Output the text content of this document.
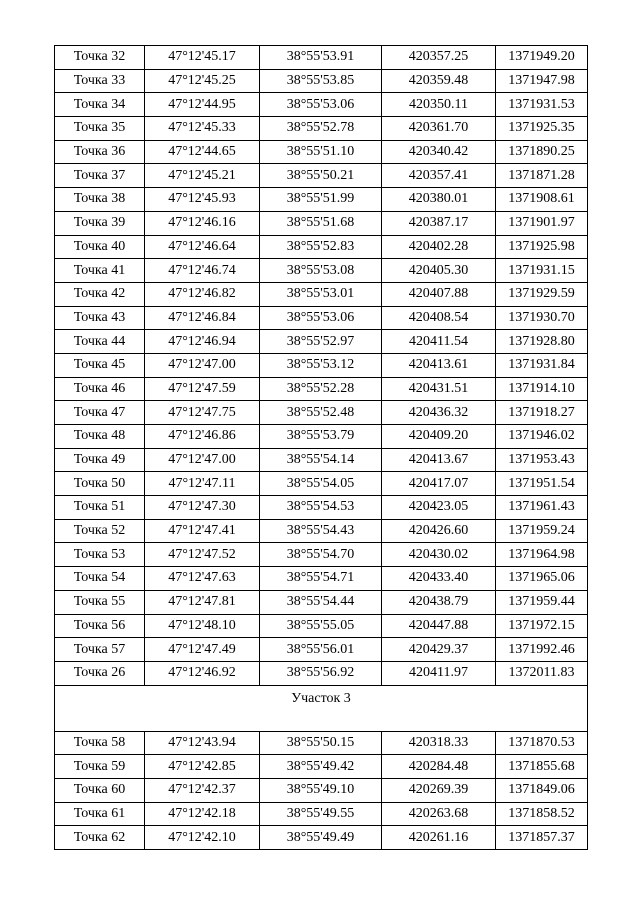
Точка 32	47°12'45.17	38°55'53.91	420357.25	1371949.20
Точка 33	47°12'45.25	38°55'53.85	420359.48	1371947.98
Точка 34	47°12'44.95	38°55'53.06	420350.11	1371931.53
Точка 35	47°12'45.33	38°55'52.78	420361.70	1371925.35
Точка 36	47°12'44.65	38°55'51.10	420340.42	1371890.25
Точка 37	47°12'45.21	38°55'50.21	420357.41	1371871.28
Точка 38	47°12'45.93	38°55'51.99	420380.01	1371908.61
Точка 39	47°12'46.16	38°55'51.68	420387.17	1371901.97
Точка 40	47°12'46.64	38°55'52.83	420402.28	1371925.98
Точка 41	47°12'46.74	38°55'53.08	420405.30	1371931.15
Точка 42	47°12'46.82	38°55'53.01	420407.88	1371929.59
Точка 43	47°12'46.84	38°55'53.06	420408.54	1371930.70
Точка 44	47°12'46.94	38°55'52.97	420411.54	1371928.80
Точка 45	47°12'47.00	38°55'53.12	420413.61	1371931.84
Точка 46	47°12'47.59	38°55'52.28	420431.51	1371914.10
Точка 47	47°12'47.75	38°55'52.48	420436.32	1371918.27
Точка 48	47°12'46.86	38°55'53.79	420409.20	1371946.02
Точка 49	47°12'47.00	38°55'54.14	420413.67	1371953.43
Точка 50	47°12'47.11	38°55'54.05	420417.07	1371951.54
Точка 51	47°12'47.30	38°55'54.53	420423.05	1371961.43
Точка 52	47°12'47.41	38°55'54.43	420426.60	1371959.24
Точка 53	47°12'47.52	38°55'54.70	420430.02	1371964.98
Точка 54	47°12'47.63	38°55'54.71	420433.40	1371965.06
Точка 55	47°12'47.81	38°55'54.44	420438.79	1371959.44
Точка 56	47°12'48.10	38°55'55.05	420447.88	1371972.15
Точка 57	47°12'47.49	38°55'56.01	420429.37	1371992.46
Точка 26	47°12'46.92	38°55'56.92	420411.97	1372011.83
Участок 3				
Точка 58	47°12'43.94	38°55'50.15	420318.33	1371870.53
Точка 59	47°12'42.85	38°55'49.42	420284.48	1371855.68
Точка 60	47°12'42.37	38°55'49.10	420269.39	1371849.06
Точка 61	47°12'42.18	38°55'49.55	420263.68	1371858.52
Точка 62	47°12'42.10	38°55'49.49	420261.16	1371857.37
